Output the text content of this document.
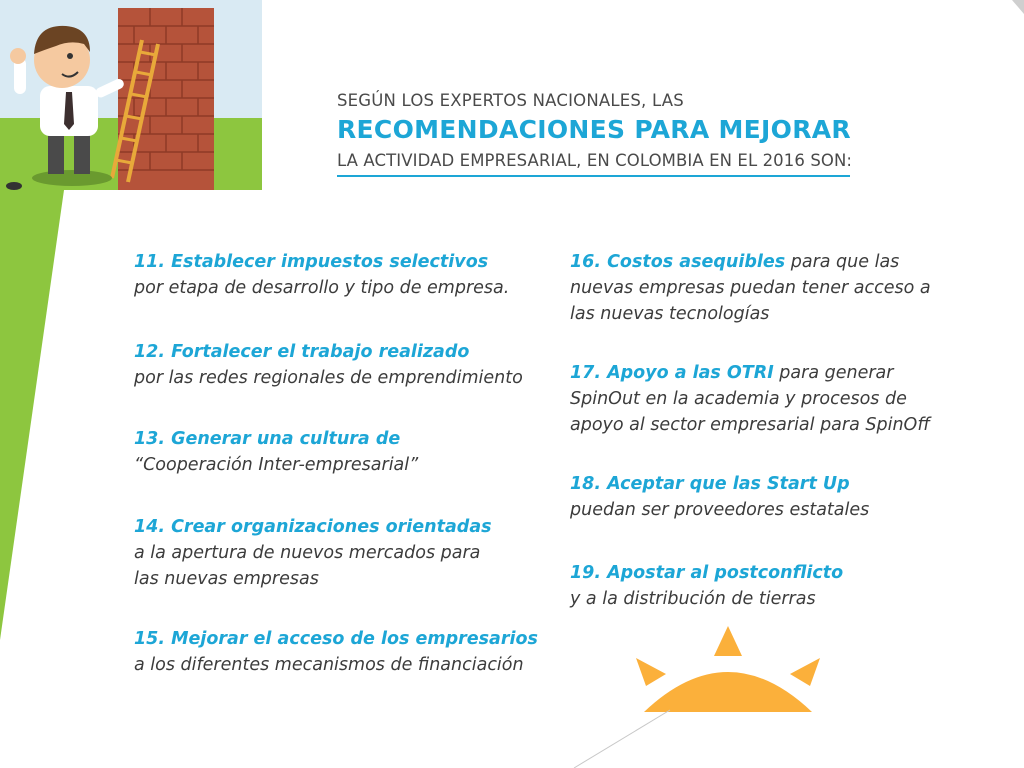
SEGÚN LOS EXPERTOS NACIONALES, LAS

RECOMENDACIONES PARA MEJORAR

LA ACTIVIDAD EMPRESARIAL, EN COLOMBIA EN EL 2016 SON:

11. Establecer impuestos selectivos
por etapa de desarrollo y tipo de empresa.
12. Fortalecer el trabajo realizado
por las redes regionales de emprendimiento
13. Generar una cultura de
“Cooperación Inter-empresarial”
14. Crear organizaciones orientadas
a la apertura de nuevos mercados para
las nuevas empresas
15. Mejorar el acceso de los empresarios
a los diferentes mecanismos de financiación
16. Costos asequibles para que las
nuevas empresas puedan tener acceso a
las nuevas tecnologías
17. Apoyo a las OTRI para generar
SpinOut en la academia y procesos de
apoyo al sector empresarial para SpinOff
18. Aceptar que las Start Up
puedan ser proveedores estatales
19. Apostar al postconflicto
y a la distribución de tierras
